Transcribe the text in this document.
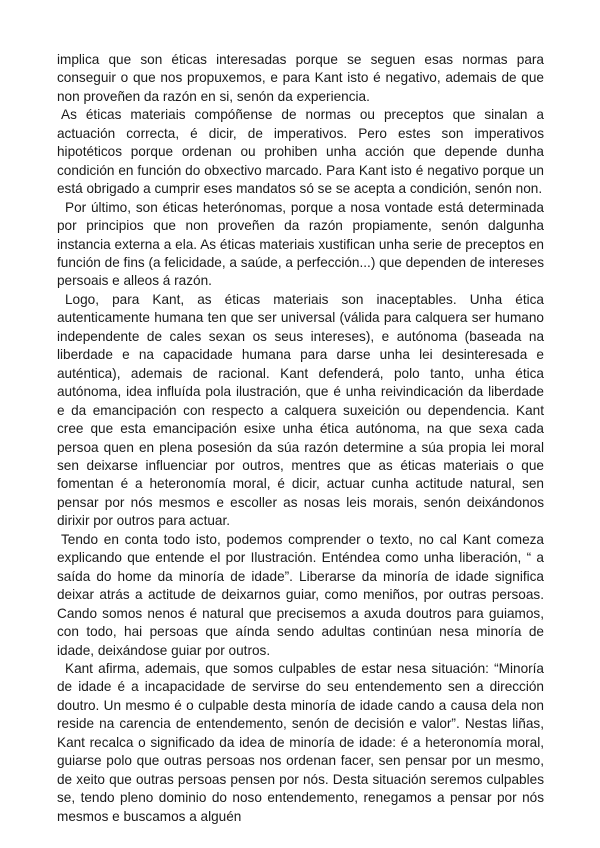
implica que son éticas interesadas porque se seguen esas normas para conseguir o que nos propuxemos, e para Kant isto é negativo, ademais de que non proveñen da razón en si, senón da experiencia.

As éticas materiais compóñense de normas ou preceptos que sinalan a actuación correcta, é dicir, de imperativos. Pero estes son imperativos hipotéticos porque ordenan ou prohiben unha acción que depende dunha condición en función do obxectivo marcado. Para Kant isto é negativo porque un está obrigado a cumprir eses mandatos só se se acepta a condición, senón non.

Por último, son éticas heterónomas, porque a nosa vontade está determinada por principios que non proveñen da razón propiamente, senón dalgunha instancia externa a ela. As éticas materiais xustifican unha serie de preceptos en función de fins (a felicidade, a saúde, a perfección...) que dependen de intereses persoais e alleos á razón.

Logo, para Kant, as éticas materiais son inaceptables. Unha ética autenticamente humana ten que ser universal (válida para calquera ser humano independente de cales sexan os seus intereses), e autónoma (baseada na liberdade e na capacidade humana para darse unha lei desinteresada e auténtica), ademais de racional. Kant defenderá, polo tanto, unha ética autónoma, idea influída pola ilustración, que é unha reivindicación da liberdade e da emancipación con respecto a calquera suxeición ou dependencia. Kant cree que esta emancipación esixe unha ética autónoma, na que sexa cada persoa quen en plena posesión da súa razón determine a súa propia lei moral sen deixarse influenciar por outros, mentres que as éticas materiais o que fomentan é a heteronomía moral, é dicir, actuar cunha actitude natural, sen pensar por nós mesmos e escoller as nosas leis morais, senón deixándonos dirixir por outros para actuar.

Tendo en conta todo isto, podemos comprender o texto, no cal Kant comeza explicando que entende el por Ilustración. Enténdea como unha liberación, “ a saída do home da minoría de idade”. Liberarse da minoría de idade significa deixar atrás a actitude de deixarnos guiar, como meniños, por outras persoas. Cando somos nenos é natural que precisemos a axuda doutros para guiamos, con todo, hai persoas que aínda sendo adultas continúan nesa minoría de idade, deixándose guiar por outros.

Kant afirma, ademais, que somos culpables de estar nesa situación: “Minoría de idade é a incapacidade de servirse do seu entendemento sen a dirección doutro. Un mesmo é o culpable desta minoría de idade cando a causa dela non reside na carencia de entendemento, senón de decisión e valor”. Nestas liñas, Kant recalca o significado da idea de minoría de idade: é a heteronomía moral, guiarse polo que outras persoas nos ordenan facer, sen pensar por un mesmo, de xeito que outras persoas pensen por nós. Desta situación seremos culpables se, tendo pleno dominio do noso entendemento, renegamos a pensar por nós mesmos e buscamos a alguén
